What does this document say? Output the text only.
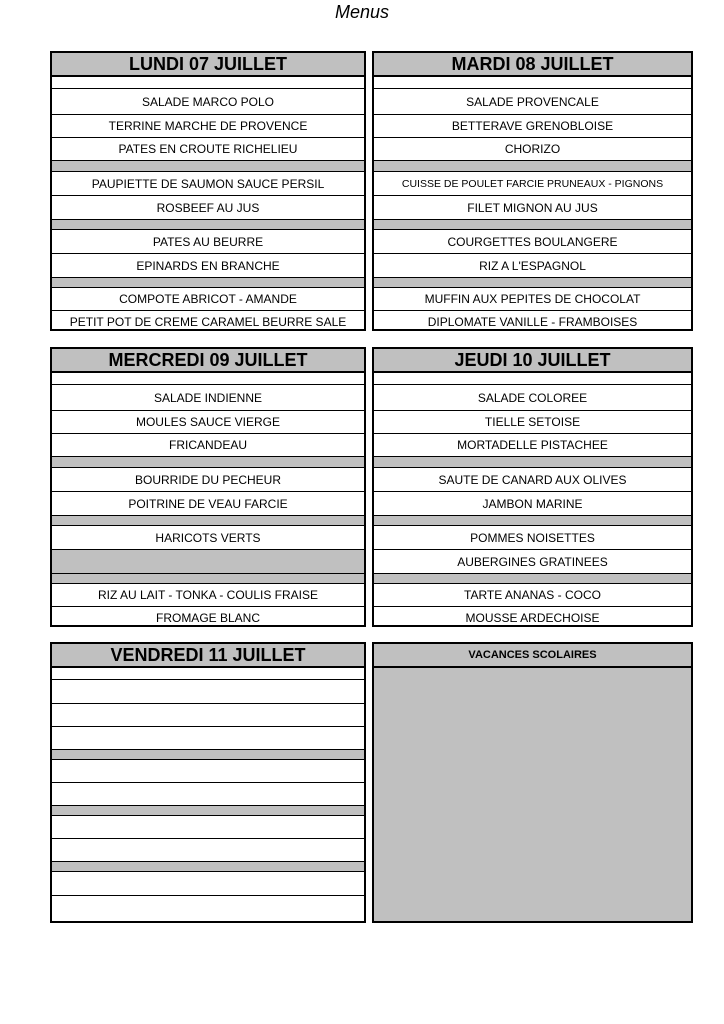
Menus
LUNDI 07 JUILLET
SALADE MARCO POLO
TERRINE MARCHE DE PROVENCE
PATES EN CROUTE RICHELIEU
PAUPIETTE DE SAUMON SAUCE PERSIL
ROSBEEF AU JUS
PATES AU BEURRE
EPINARDS EN BRANCHE
COMPOTE ABRICOT - AMANDE
PETIT POT DE CREME CARAMEL BEURRE SALE
MARDI 08 JUILLET
SALADE PROVENCALE
BETTERAVE GRENOBLOISE
CHORIZO
CUISSE DE POULET FARCIE PRUNEAUX - PIGNONS
FILET MIGNON AU JUS
COURGETTES BOULANGERE
RIZ A L'ESPAGNOL
MUFFIN AUX PEPITES DE CHOCOLAT
DIPLOMATE VANILLE - FRAMBOISES
MERCREDI 09 JUILLET
SALADE INDIENNE
MOULES SAUCE VIERGE
FRICANDEAU
BOURRIDE DU PECHEUR
POITRINE DE VEAU FARCIE
HARICOTS VERTS
RIZ AU LAIT - TONKA - COULIS FRAISE
FROMAGE BLANC
JEUDI 10 JUILLET
SALADE COLOREE
TIELLE SETOISE
MORTADELLE PISTACHEE
SAUTE DE CANARD AUX OLIVES
JAMBON MARINE
POMMES NOISETTES
AUBERGINES GRATINEES
TARTE ANANAS - COCO
MOUSSE ARDECHOISE
VENDREDI 11 JUILLET	VACANCES SCOLAIRES
